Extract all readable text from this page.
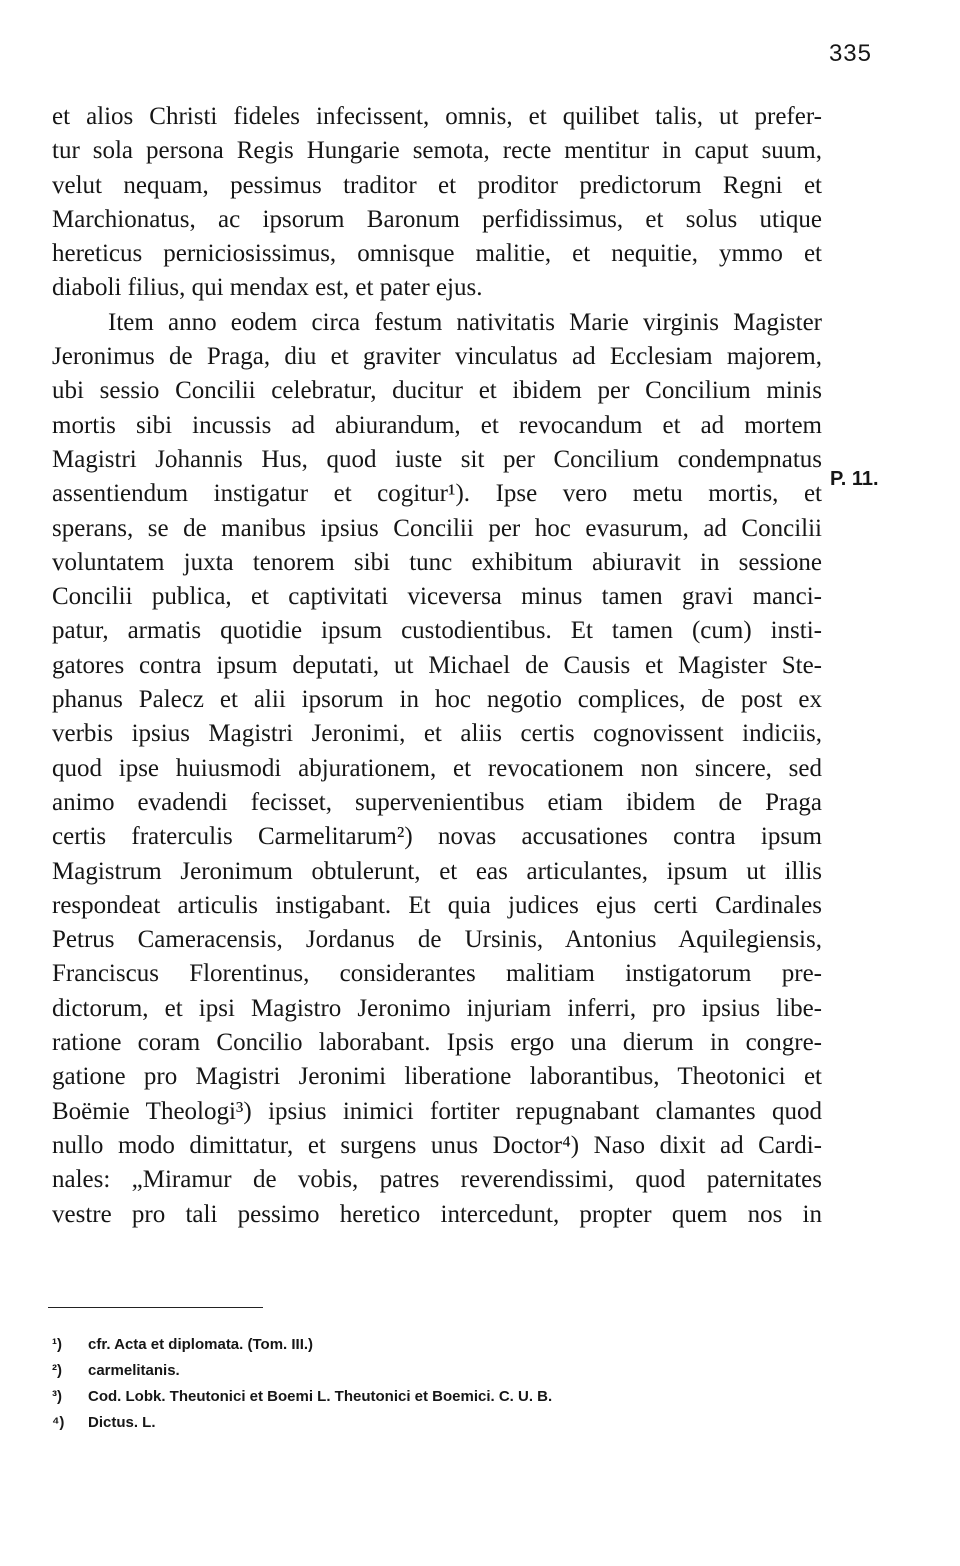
335
et alios Christi fideles infecissent, omnis, et quilibet talis, ut prefer-
tur sola persona Regis Hungarie semota, recte mentitur in caput suum,
velut nequam, pessimus traditor et proditor predictorum Regni et
Marchionatus, ac ipsorum Baronum perfidissimus, et solus utique
hereticus perniciosissimus, omnisque malitie, et nequitie, ymmo et
diaboli filius, qui mendax est, et pater ejus.
Item anno eodem circa festum nativitatis Marie virginis Magister
Jeronimus de Praga, diu et graviter vinculatus ad Ecclesiam majorem,
ubi sessio Concilii celebratur, ducitur et ibidem per Concilium minis
mortis sibi incussis ad abiurandum, et revocandum et ad mortem
Magistri Johannis Hus, quod iuste sit per Concilium condempnatus
assentiendum instigatur et cogitur¹). Ipse vero metu mortis, et
sperans, se de manibus ipsius Concilii per hoc evasurum, ad Concilii
voluntatem juxta tenorem sibi tunc exhibitum abiuravit in sessione
Concilii publica, et captivitati viceversa minus tamen gravi manci-
patur, armatis quotidie ipsum custodientibus. Et tamen (cum) insti-
gatores contra ipsum deputati, ut Michael de Causis et Magister Ste-
phanus Palecz et alii ipsorum in hoc negotio complices, de post ex
verbis ipsius Magistri Jeronimi, et aliis certis cognovissent indiciis,
quod ipse huiusmodi abjurationem, et revocationem non sincere, sed
animo evadendi fecisset, supervenientibus etiam ibidem de Praga
certis fraterculis Carmelitarum²) novas accusationes contra ipsum
Magistrum Jeronimum obtulerunt, et eas articulantes, ipsum ut illis
respondeat articulis instigabant. Et quia judices ejus certi Cardinales
Petrus Cameracensis, Jordanus de Ursinis, Antonius Aquilegiensis,
Franciscus Florentinus, considerantes malitiam instigatorum pre-
dictorum, et ipsi Magistro Jeronimo injuriam inferri, pro ipsius libe-
ratione coram Concilio laborabant. Ipsis ergo una dierum in congre-
gatione pro Magistri Jeronimi liberatione laborantibus, Theotonici et
Boëmie Theologi³) ipsius inimici fortiter repugnabant clamantes quod
nullo modo dimittatur, et surgens unus Doctor⁴) Naso dixit ad Cardi-
nales: „Miramur de vobis, patres reverendissimi, quod paternitates
vestre pro tali pessimo heretico intercedunt, propter quem nos in
P. 11.
¹) cfr. Acta et diplomata. (Tom. III.)
²) carmelitanis.
³) Cod. Lobk. Theutonici et Boemi L. Theutonici et Boemici. C. U. B.
⁴) Dictus. L.
